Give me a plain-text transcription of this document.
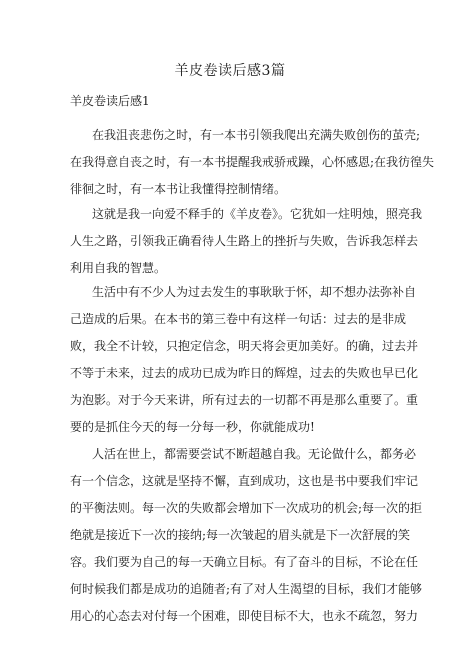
羊皮卷读后感3篇
羊皮卷读后感1
在我沮丧悲伤之时，有一本书引领我爬出充满失败创伤的茧壳;
在我得意自丧之时，有一本书提醒我戒骄戒躁，心怀感恩;在我彷徨失
徘徊之时，有一本书让我懂得控制情绪。
这就是我一向爱不释手的《羊皮卷》。它犹如一炷明烛，照亮我
人生之路，引领我正确看待人生路上的挫折与失败，告诉我怎样去
利用自我的智慧。
生活中有不少人为过去发生的事耿耿于怀，却不想办法弥补自
己造成的后果。在本书的第三卷中有这样一句话：过去的是非成
败，我全不计较，只抱定信念，明天将会更加美好。的确，过去并
不等于未来，过去的成功已成为昨日的辉煌，过去的失败也早已化
为泡影。对于今天来讲，所有过去的一切都不再是那么重要了。重
要的是抓住今天的每一分每一秒，你就能成功!
人活在世上，都需要尝试不断超越自我。无论做什么，都务必
有一个信念，这就是坚持不懈，直到成功，这也是书中要我们牢记
的平衡法则。每一次的失败都会增加下一次成功的机会;每一次的拒
绝就是接近下一次的接纳;每一次皱起的眉头就是下一次舒展的笑
容。我们要为自己的每一天确立目标。有了奋斗的目标，不论在任
何时候我们都是成功的追随者;有了对人生渴望的目标，我们才能够
用心的心态去对付每一个困难，即使目标不大，也永不疏忽，努力
